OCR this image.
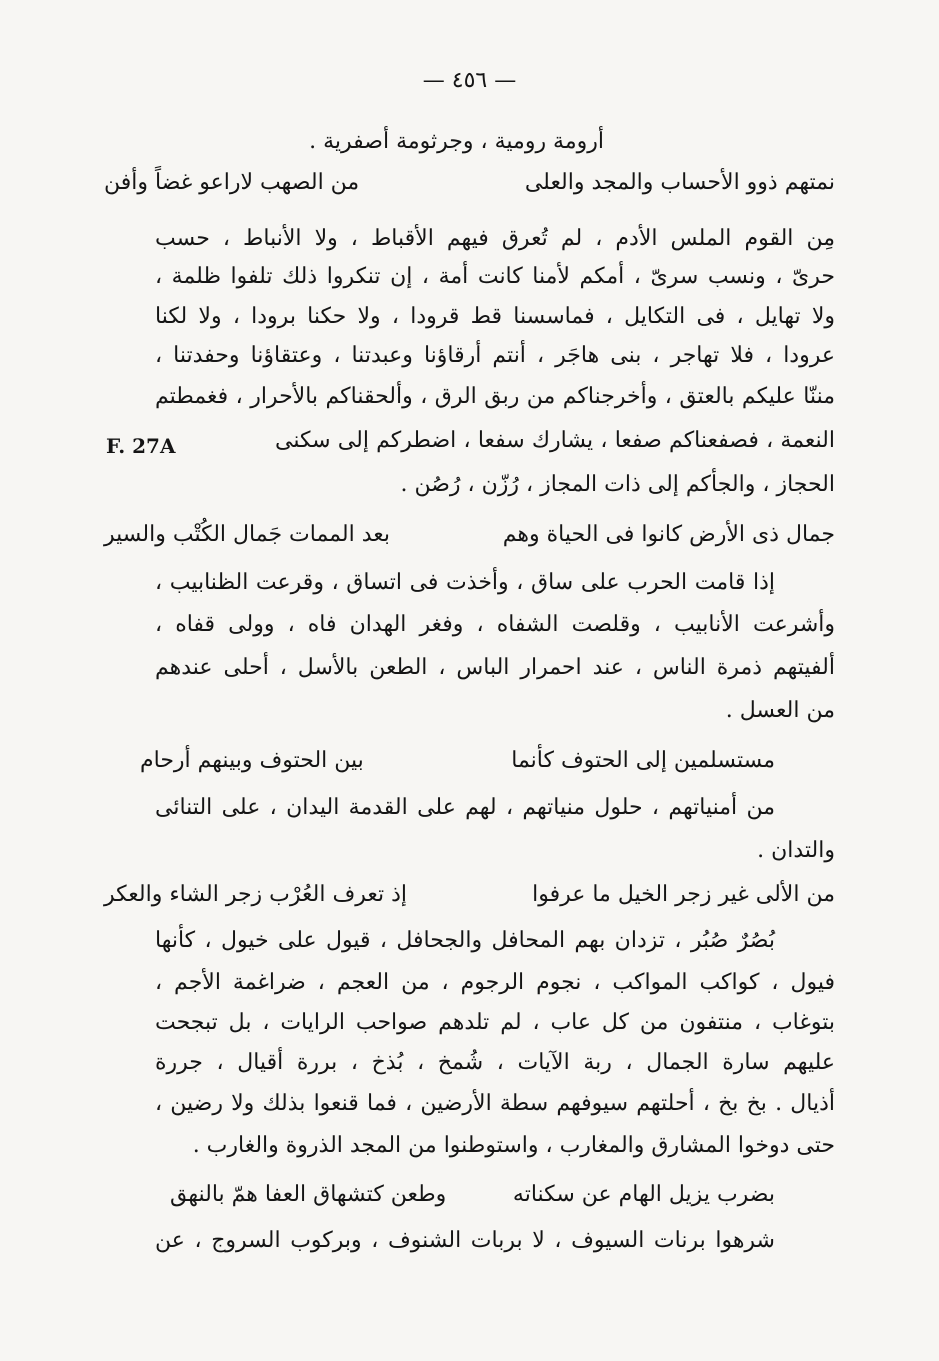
— ٤٥٦ —
أرومة رومية ، وجرثومة أصفرية .
نمتهم ذوو الأحساب والمجد والعلى
من الصهب لاراعو غضاً وأفن
مِن القوم الملس الأدم ، لم تُعرق فيهم الأقباط ، ولا الأنباط ، حسب
حرىّ ، ونسب سرىّ ، أمكم لأمنا كانت أمة ، إن تنكروا ذلك تلفوا ظلمة ،
ولا تهايل ، فى التكايل ، فماسسنا قط قرودا ، ولا حكنا برودا ، ولا لكنا
عرودا ، فلا تهاجر ، بنى هاجَر ، أنتم أرقاؤنا وعبدتنا ، وعتقاؤنا وحفدتنا ،
مننّا عليكم بالعتق ، وأخرجناكم من ربق الرق ، وألحقناكم بالأحرار ، فغمطتم
النعمة ، فصفعناكم صفعا ، يشارك سفعا ، اضطركم إلى سكنى
F. 27A
الحجاز ، والجأكم إلى ذات المجاز ، رُزّن ، رُصُن .
جمال ذى الأرض كانوا فى الحياة وهم
بعد الممات جَمال الكُتْب والسير
إذا قامت الحرب على ساق ، وأخذت فى اتساق ، وقرعت الظنابيب ،
وأشرعت الأنابيب ، وقلصت الشفاه ، وفغر الهدان فاه ، وولى قفاه ،
ألفيتهم ذمرة الناس ، عند احمرار الباس ، الطعن بالأسل ، أحلى عندهم
من العسل .
مستسلمين إلى الحتوف كأنما
بين الحتوف وبينهم أرحام
من أمنياتهم ، حلول منياتهم ، لهم على القدمة اليدان ، على التنائى
والتدان .
من الألى غير زجر الخيل ما عرفوا
إذ تعرف العُرْب زجر الشاء والعكر
بُصُرٌ صُبُر ، تزدان بهم المحافل والجحافل ، قيول على خيول ، كأنها
فيول ، كواكب المواكب ، نجوم الرجوم ، من العجم ، ضراغمة الأجم ،
بتوغاب ، منتفون من كل عاب ، لم تلدهم صواحب الرايات ، بل تبجحت
عليهم سارة الجمال ، ربة الآيات ، شُمخ ، بُذخ ، بررة أقيال ، جررة
أذيال . بخ بخ ، أحلتهم سيوفهم سطة الأرضين ، فما قنعوا بذلك ولا رضين ،
حتى دوخوا المشارق والمغارب ، واستوطنوا من المجد الذروة والغارب .
بضرب يزيل الهام عن سكناته
وطعن كتشهاق العفا همّ بالنهق
شرهوا برنات السيوف ، لا بربات الشنوف ، وبركوب السروج ، عن
